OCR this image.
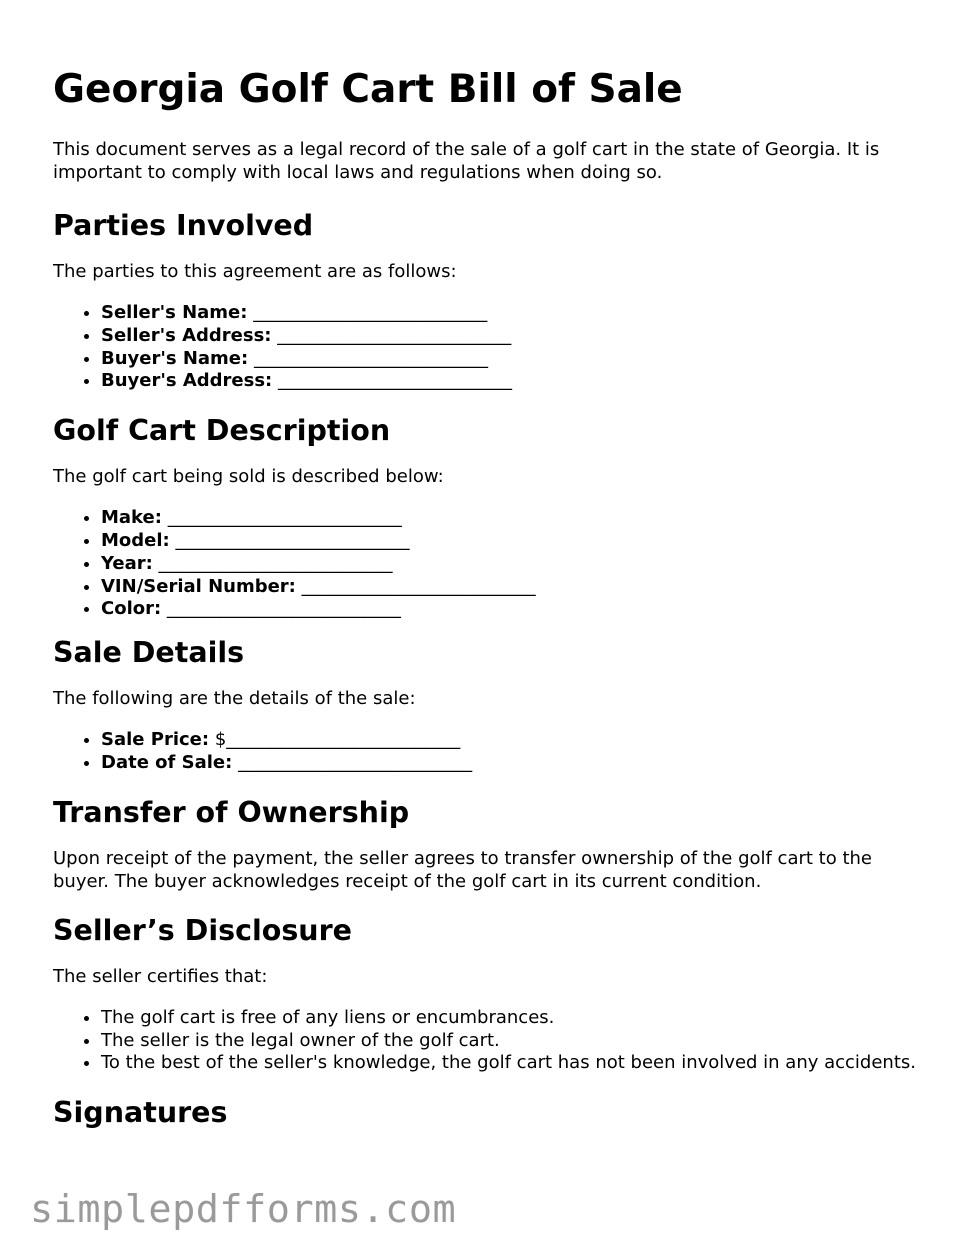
Georgia Golf Cart Bill of Sale

This document serves as a legal record of the sale of a golf cart in the state of Georgia. It is important to comply with local laws and regulations when doing so.

Parties Involved

The parties to this agreement are as follows:

• Seller's Name: __________________________
• Seller's Address: __________________________
• Buyer's Name: __________________________
• Buyer's Address: __________________________
Golf Cart Description

The golf cart being sold is described below:

• Make: __________________________
• Model: __________________________
• Year: __________________________
• VIN/Serial Number: __________________________
• Color: __________________________
Sale Details

The following are the details of the sale:

• Sale Price: $__________________________
• Date of Sale: __________________________
Transfer of Ownership

Upon receipt of the payment, the seller agrees to transfer ownership of the golf cart to the buyer. The buyer acknowledges receipt of the golf cart in its current condition.

Seller’s Disclosure

The seller certifies that:

• The golf cart is free of any liens or encumbrances.
• The seller is the legal owner of the golf cart.
• To the best of the seller's knowledge, the golf cart has not been involved in any accidents.
Signatures
simplepdfforms.com
